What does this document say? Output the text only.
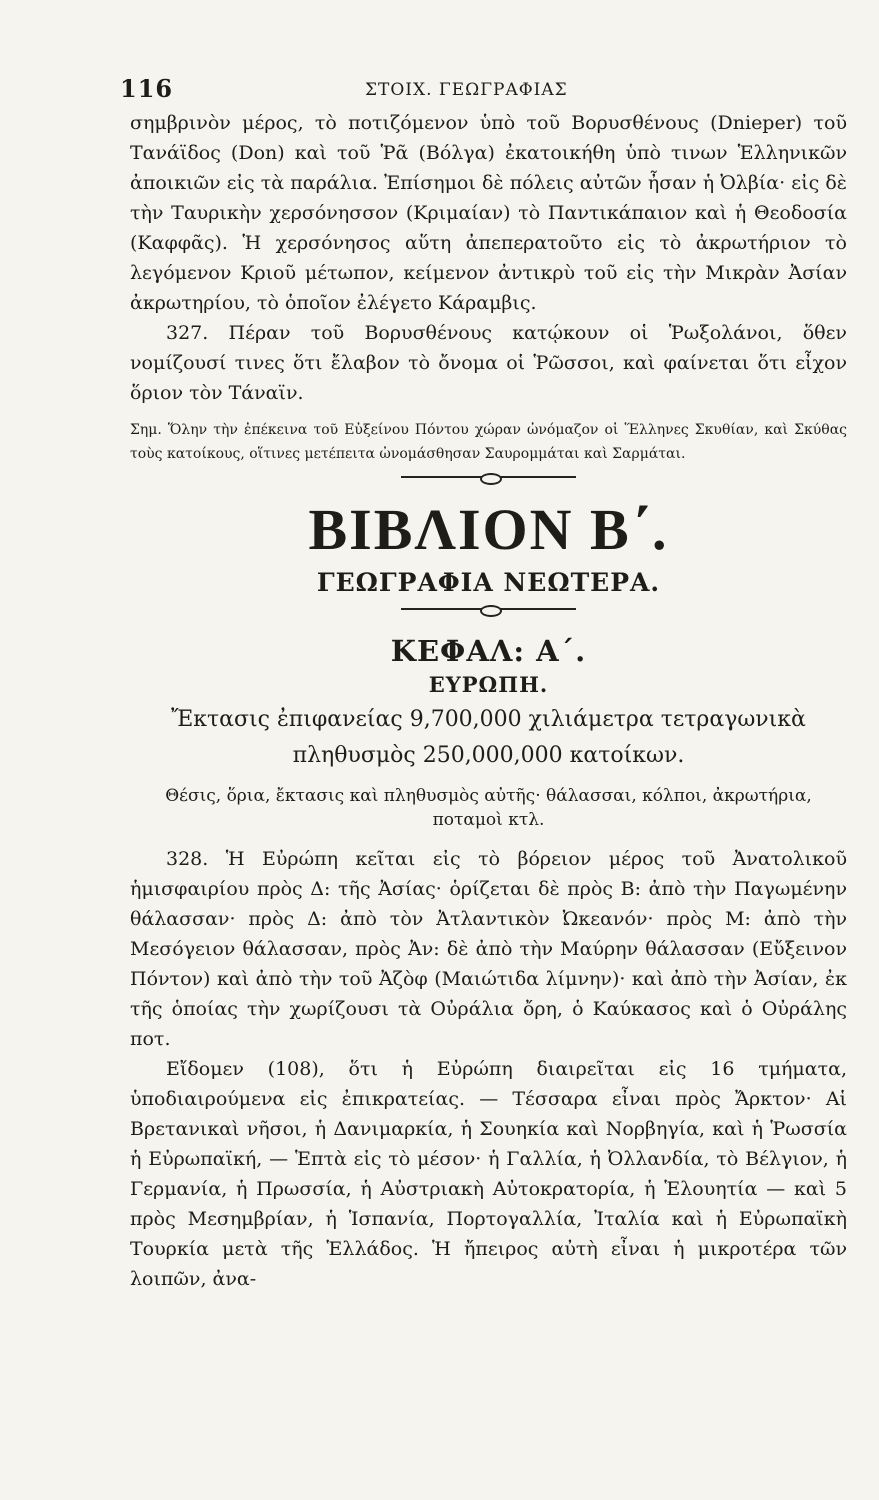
116	ΣΤΟΙΧ. ΓΕΩΓΡΑΦΙΑΣ

σημβρινὸν μέρος, τὸ ποτιζόμενον ὑπὸ τοῦ Βορυσθένους (Dnieper) τοῦ Τανάϊδος (Don) καὶ τοῦ Ῥᾶ (Βόλγα) ἐκατοικήθη ὑπὸ τινων Ἑλληνικῶν ἀποικιῶν εἰς τὰ παράλια. Ἐπίσημοι δὲ πόλεις αὐτῶν ἦσαν ἡ Ὀλβία· εἰς δὲ τὴν Ταυρικὴν χερσόνησσον (Κριμαίαν) τὸ Παντικάπαιον καὶ ἡ Θεοδοσία (Καφφᾶς). Ἡ χερσόνησος αὕτη ἀπεπερατοῦτο εἰς τὸ ἀκρωτήριον τὸ λεγόμενον Κριοῦ μέτωπον, κείμενον ἀντικρὺ τοῦ εἰς τὴν Μικρὰν Ἀσίαν ἀκρωτηρίου, τὸ ὁποῖον ἐλέγετο Κάραμβις.

327. Πέραν τοῦ Βορυσθένους κατῴκουν οἱ Ῥωξολάνοι, ὅθεν νομίζουσί τινες ὅτι ἔλαβον τὸ ὄνομα οἱ Ῥῶσσοι, καὶ φαίνεται ὅτι εἶχον ὅριον τὸν Τάναϊν.

Σημ. Ὅλην τὴν ἐπέκεινα τοῦ Εὐξείνου Πόντου χώραν ὠνόμαζον οἱ Ἕλληνες Σκυθίαν, καὶ Σκύθας τοὺς κατοίκους, οἵτινες μετέπειτα ὠνομάσθησαν Σαυρομμάται καὶ Σαρμάται.

ΒΙΒΛΙΟΝ Β΄.
ΓΕΩΓΡΑΦΙΑ ΝΕΩΤΕΡΑ.
ΚΕΦΑΛ: Α΄.
ΕΥΡΩΠΗ.
Ἔκτασις ἐπιφανείας 9,700,000 χιλιάμετρα τετραγωνικὰ
πληθυσμὸς 250,000,000 κατοίκων.
Θέσις, ὅρια, ἔκτασις καὶ πληθυσμὸς αὐτῆς· θάλασσαι, κόλποι, ἀκρωτήρια,
ποταμοὶ κτλ.

328. Ἡ Εὐρώπη κεῖται εἰς τὸ βόρειον μέρος τοῦ Ἀνατολικοῦ ἡμισφαιρίου πρὸς Δ: τῆς Ἀσίας· ὁρίζεται δὲ πρὸς Β: ἀπὸ τὴν Παγωμένην θάλασσαν· πρὸς Δ: ἀπὸ τὸν Ἀτλαντικὸν Ὠκεανόν· πρὸς Μ: ἀπὸ τὴν Μεσόγειον θάλασσαν, πρὸς Ἀν: δὲ ἀπὸ τὴν Μαύρην θάλασσαν (Εὔξεινον Πόντον) καὶ ἀπὸ τὴν τοῦ Ἀζὸφ (Μαιώτιδα λίμνην)· καὶ ἀπὸ τὴν Ἀσίαν, ἐκ τῆς ὁποίας τὴν χωρίζουσι τὰ Οὐράλια ὄρη, ὁ Καύκασος καὶ ὁ Οὐράλης ποτ.

Εἴδομεν (108), ὅτι ἡ Εὐρώπη διαιρεῖται εἰς 16 τμήματα, ὑποδιαιρούμενα εἰς ἐπικρατείας. — Τέσσαρα εἶναι πρὸς Ἄρκτον· Αἱ Βρετανικαὶ νῆσοι, ἡ Δανιμαρκία, ἡ Σουηκία καὶ Νορβηγία, καὶ ἡ Ῥωσσία ἡ Εὐρωπαϊκή, — Ἑπτὰ εἰς τὸ μέσον· ἡ Γαλλία, ἡ Ὀλλανδία, τὸ Βέλγιον, ἡ Γερμανία, ἡ Πρωσσία, ἡ Αὐστριακὴ Αὐτοκρατορία, ἡ Ἑλουητία — καὶ 5 πρὸς Μεσημβρίαν, ἡ Ἱσπανία, Πορτογαλλία, Ἰταλία καὶ ἡ Εὐρωπαϊκὴ Τουρκία μετὰ τῆς Ἑλλάδος. Ἡ ἤπειρος αὐτὴ εἶναι ἡ μικροτέρα τῶν λοιπῶν, ἀνα-
